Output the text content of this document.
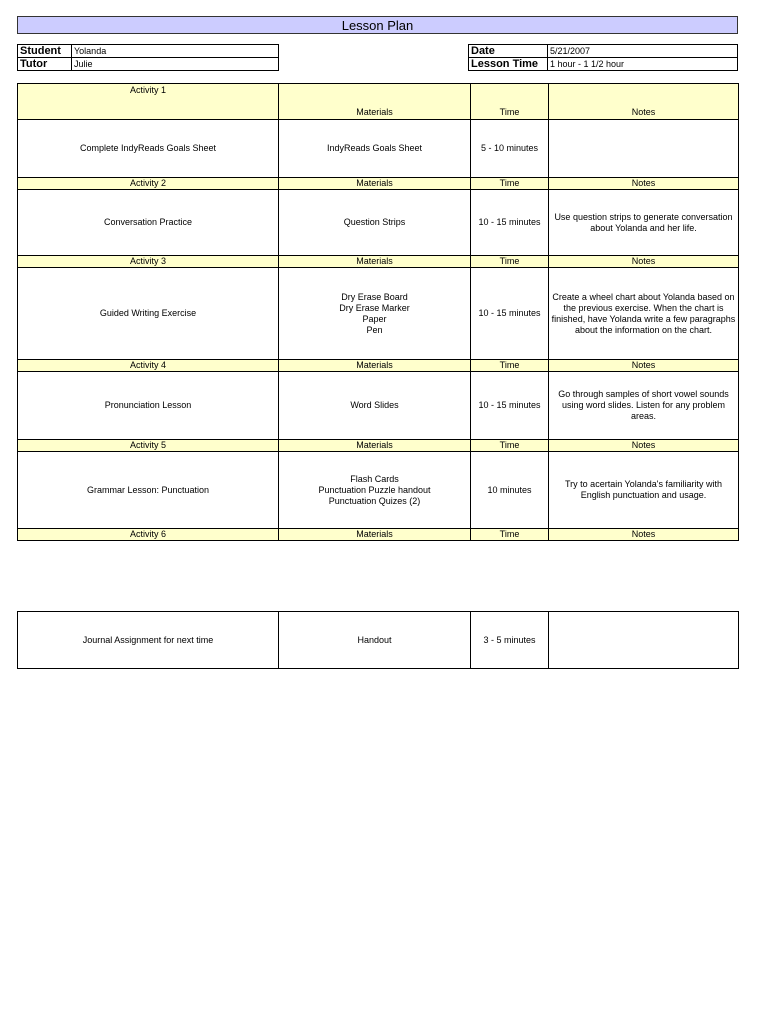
Lesson Plan
Student	Yolanda		Date	5/21/2007
Tutor	Julie		Lesson Time	1 hour - 1 1/2 hour
Activity 1	Materials	Time	Notes
Complete IndyReads Goals Sheet	IndyReads Goals Sheet	5 - 10 minutes	
Activity 2	Materials	Time	Notes
Conversation Practice	Question Strips	10 - 15 minutes	Use question strips to generate conversation about Yolanda and her life.
Activity 3	Materials	Time	Notes
Guided Writing Exercise	Dry Erase Board
Dry Erase Marker
Paper
Pen	10 - 15 minutes	Create a wheel chart about Yolanda based on the previous exercise. When the chart is finished, have Yolanda write a few paragraphs about the information on the chart.
Activity 4	Materials	Time	Notes
Pronunciation Lesson	Word Slides	10 - 15 minutes	Go through samples of short vowel sounds using word slides. Listen for any problem areas.
Activity 5	Materials	Time	Notes
Grammar Lesson: Punctuation	Flash Cards
Punctuation Puzzle handout
Punctuation Quizes (2)	10 minutes	Try to acertain Yolanda's familiarity with English punctuation and usage.
Activity 6	Materials	Time	Notes
Journal Assignment for next time	Handout	3 - 5 minutes	
